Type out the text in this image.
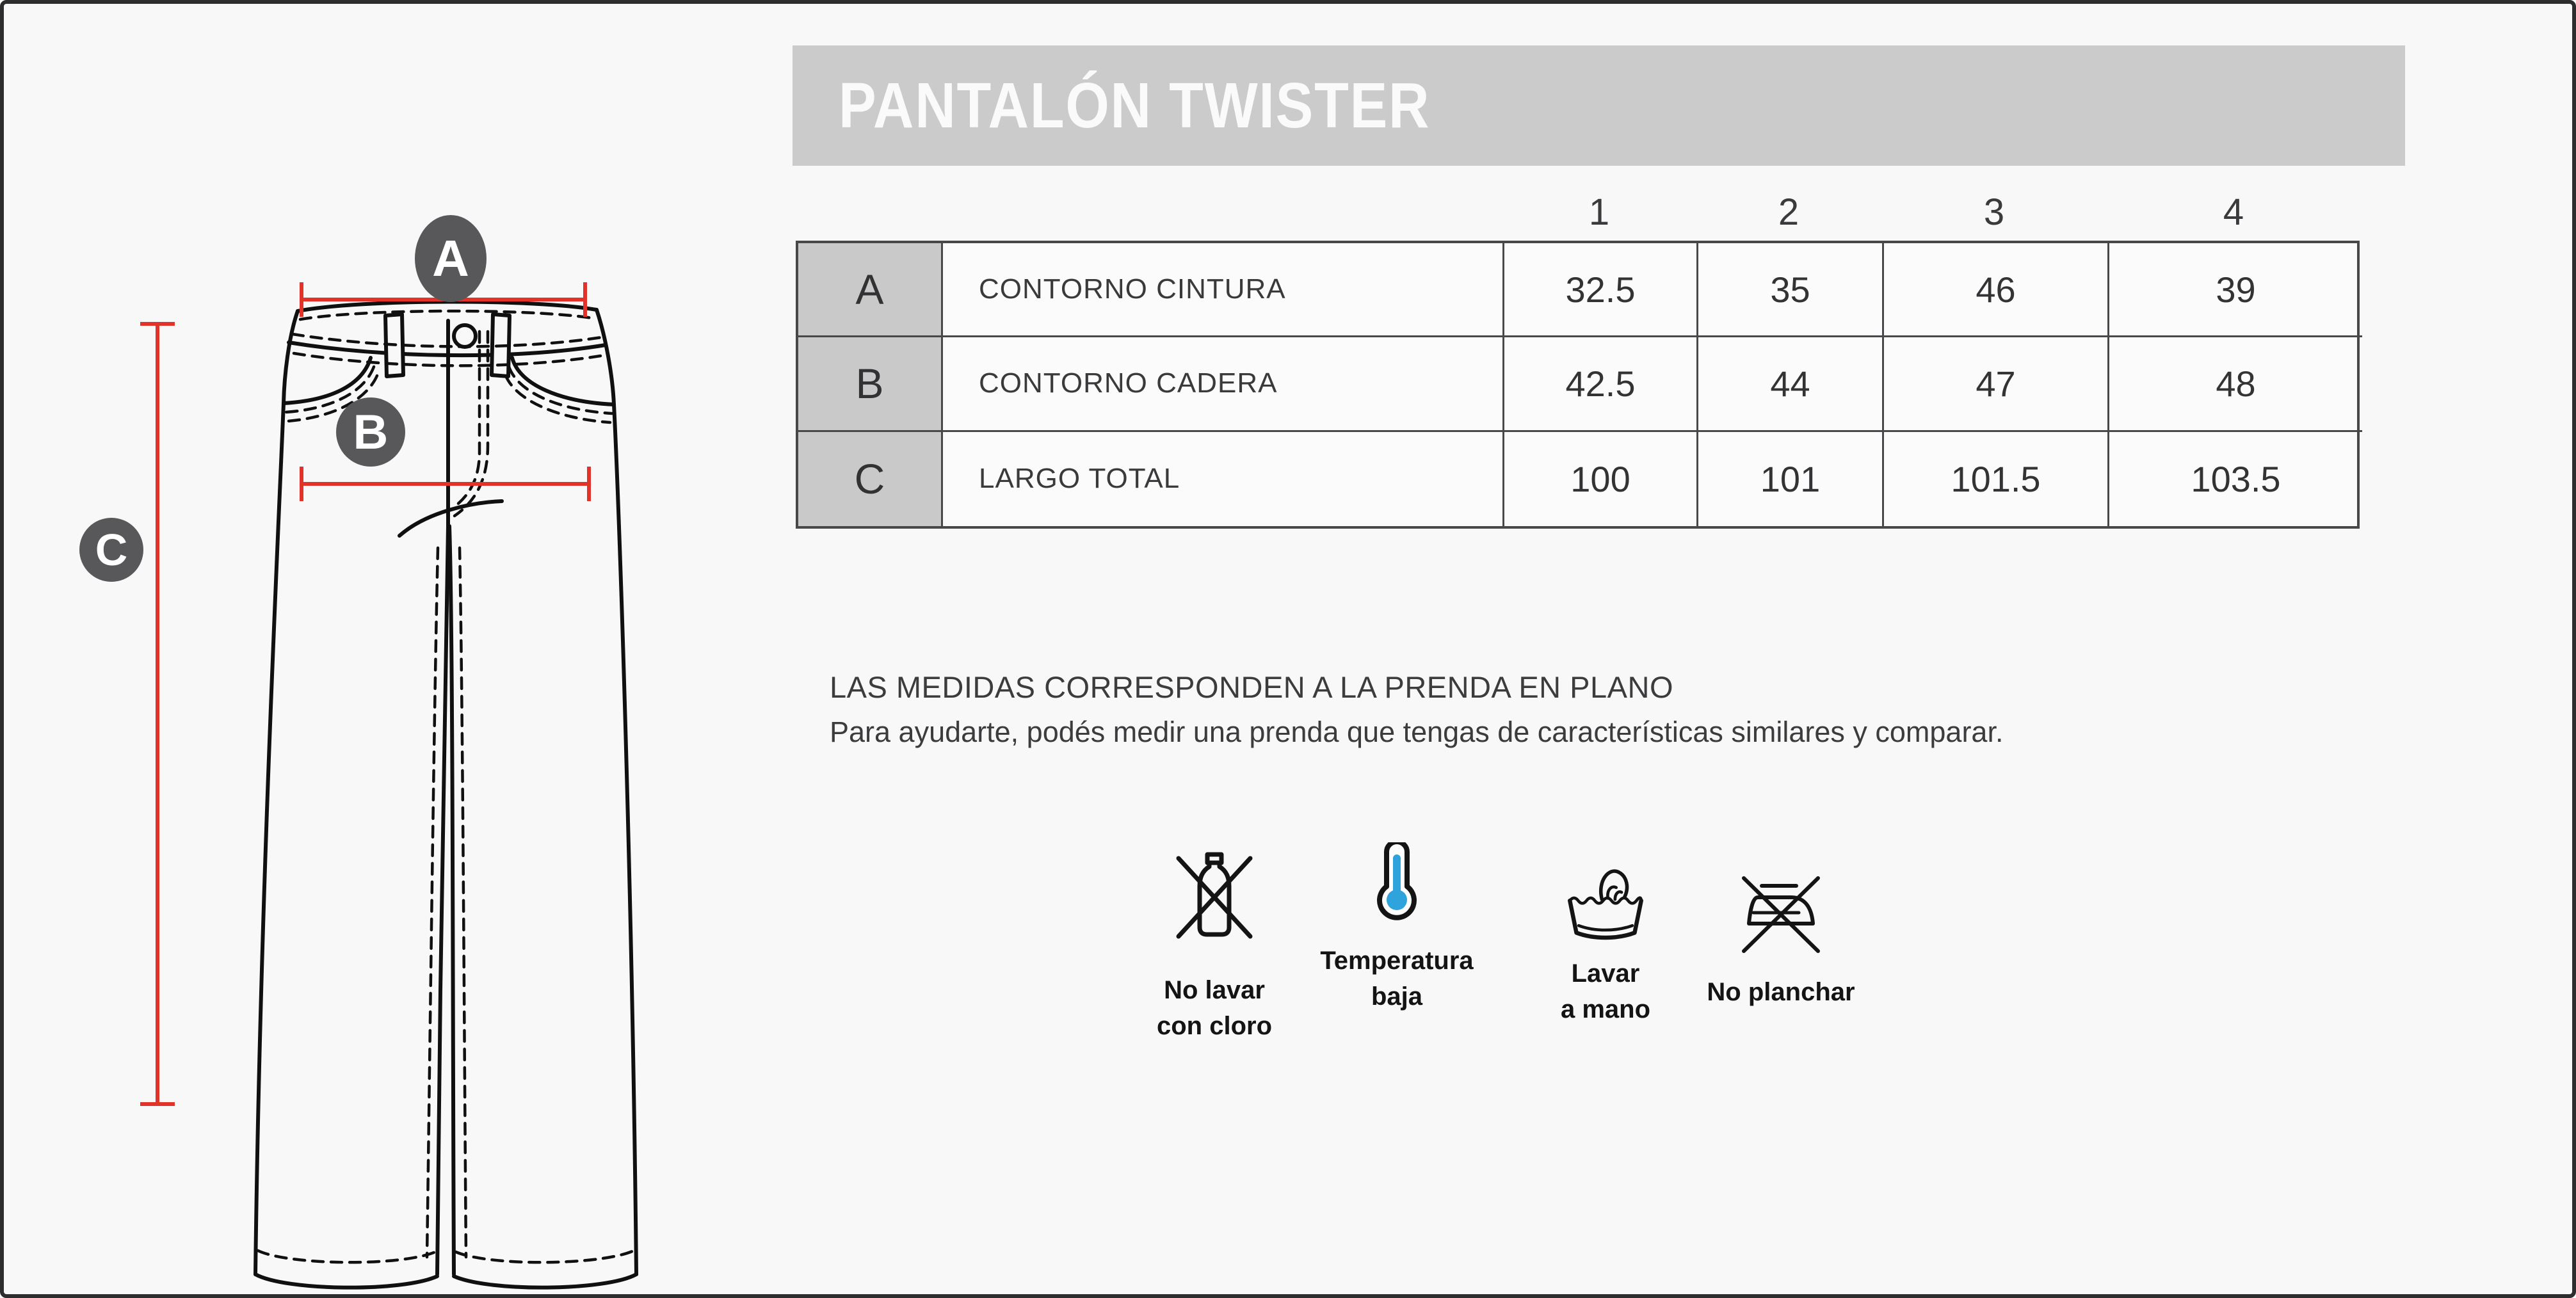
A
B
C
PANTALÓN TWISTER
1	2	3	4
A	CONTORNO CINTURA	32.5	35	46	39
B	CONTORNO CADERA	42.5	44	47	48
C	LARGO TOTAL	100	101	101.5	103.5
LAS MEDIDAS CORRESPONDEN A LA PRENDA EN PLANO
Para ayudarte, podés medir una prenda que tengas de características similares y comparar.
No lavar
con cloro
Temperatura
baja
Lavar
a mano
No planchar
